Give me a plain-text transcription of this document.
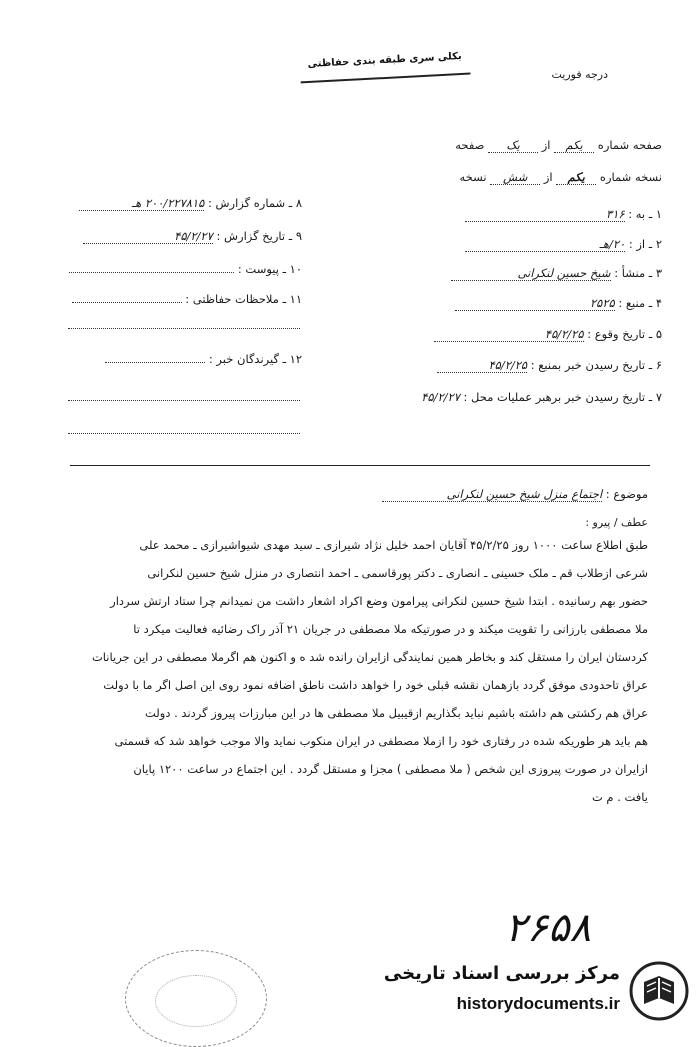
بکلی سری طبقه بندی حفاظتی
درجه فوریت
صفحه شماره یکم از یک صفحه
نسخه شماره یکم از شش نسخه
۱ ـ به : ۳۱۶
۲ ـ از : ۲۰/هـ
۳ ـ منشأ : شیخ حسین لنکرانی
۴ ـ منبع : ۲۵۲۵
۵ ـ تاریخ وقوع : ۴۵/۲/۲۵
۶ ـ تاریخ رسیدن خبر بمنبع : ۴۵/۲/۲۵
۷ ـ تاریخ رسیدن خبر برهبر عملیات محل : ۴۵/۲/۲۷
۸ ـ شماره گزارش : ۲۰۰/۲۲۷۸۱۵ هـ
۹ ـ تاریخ گزارش : ۴۵/۲/۲۷
۱۰ ـ پیوست :
۱۱ ـ ملاحظات حفاظتی :
۱۲ ـ گیرندگان خبر :
موضوع : اجتماع منزل شیخ حسین لنکرانی
عطف / پیرو :
طبق اطلاع ساعت ۱۰۰۰ روز ۴۵/۲/۲۵ آقایان احمد خلیل نژاد شیرازی ـ سید مهدی شیواشیرازی ـ محمد علی
شرعی ازطلاب قم ـ ملک حسینی ـ انصاری ـ دکتر پورقاسمی ـ احمد انتصاری در منزل شیخ حسین لنکرانی
حضور بهم رسانیده . ابتدا شیخ حسین لنکرانی پیرامون وضع اکراد اشعار داشت من نمیدانم چرا ستاد ارتش سردار
ملا مصطفی بارزانی را تقویت میکند و در صورتیکه ملا مصطفی در جریان ۲۱ آذر راک رضائیه فعالیت میکرد تا
کردستان ایران را مستقل کند و بخاطر همین نمایندگی ازایران رانده شد ه و اکنون هم اگرملا مصطفی در این جریانات
عراق تاحدودی موفق گردد بازهمان نقشه قبلی خود را خواهد داشت ناطق اضافه نمود روی این اصل اگر ما با دولت
عراق هم رکشتی هم داشته باشیم نباید بگذاریم ازقیبیل ملا مصطفی ها در این مبارزات پیروز گردند . دولت
هم باید هر طوریکه شده در رفتاری خود را ازملا مصطفی در ایران منکوب نماید والا موجب خواهد شد که قسمتی
ازایران در صورت پیروزی این شخص ( ملا مصطفی ) مجزا و مستقل گردد . این اجتماع در ساعت ۱۲۰۰ پایان
یافت . م ت
۲۶۵۸
مرکز بررسی اسناد تاریخی
historydocuments.ir
